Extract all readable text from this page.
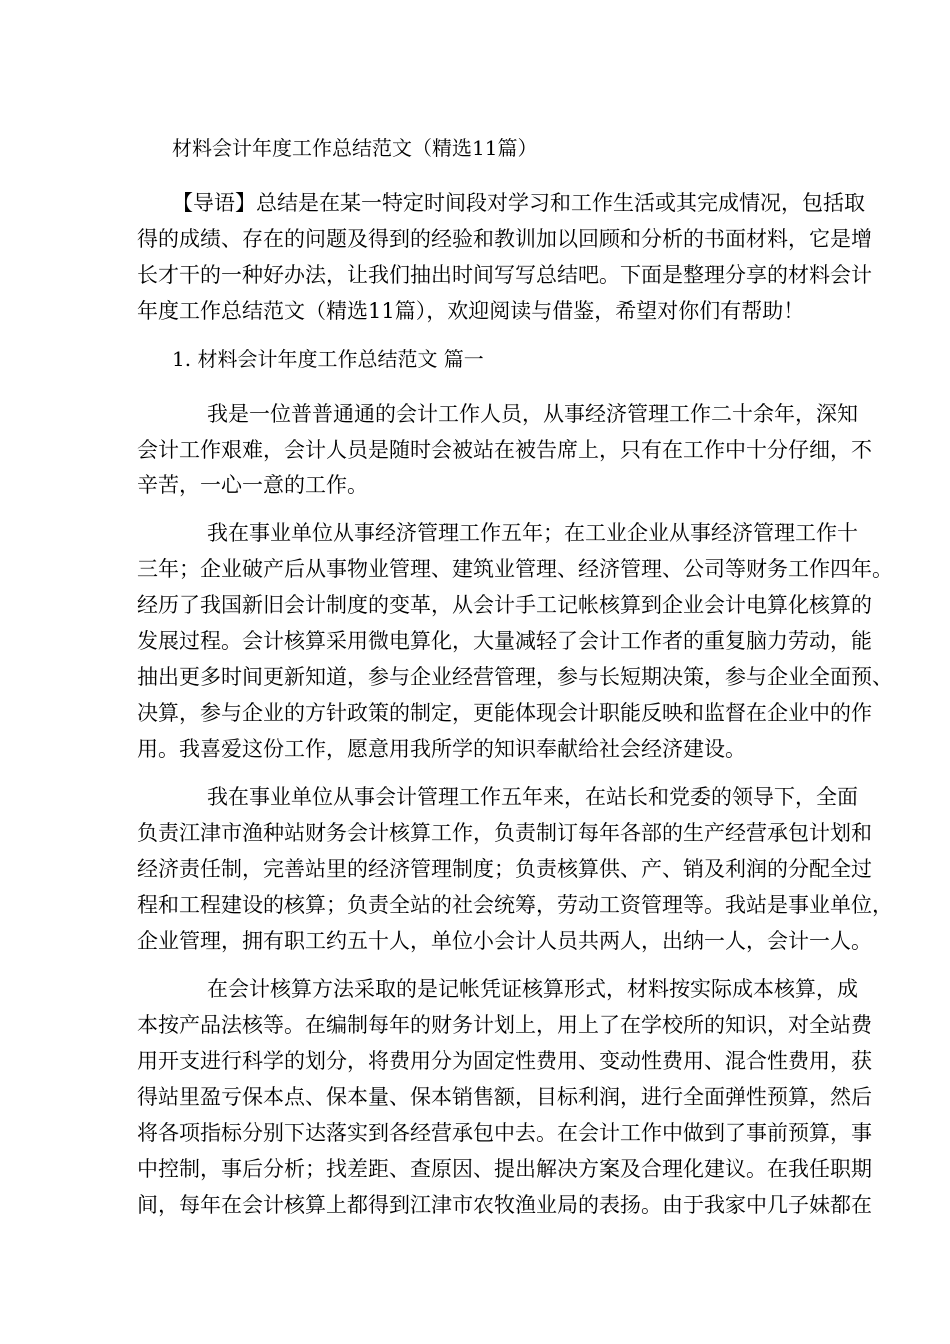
材料会计年度工作总结范文（精选11篇）
【导语】总结是在某一特定时间段对学习和工作生活或其完成情况，包括取
得的成绩、存在的问题及得到的经验和教训加以回顾和分析的书面材料，它是增
长才干的一种好办法，让我们抽出时间写写总结吧。下面是整理分享的材料会计
年度工作总结范文（精选11篇），欢迎阅读与借鉴，希望对你们有帮助！
1. 材料会计年度工作总结范文 篇一
我是一位普普通通的会计工作人员，从事经济管理工作二十余年，深知
会计工作艰难，会计人员是随时会被站在被告席上，只有在工作中十分仔细，不
辛苦，一心一意的工作。
我在事业单位从事经济管理工作五年；在工业企业从事经济管理工作十
三年；企业破产后从事物业管理、建筑业管理、经济管理、公司等财务工作四年。
经历了我国新旧会计制度的变革，从会计手工记帐核算到企业会计电算化核算的
发展过程。会计核算采用微电算化，大量减轻了会计工作者的重复脑力劳动，能
抽出更多时间更新知道，参与企业经营管理，参与长短期决策，参与企业全面预、
决算，参与企业的方针政策的制定，更能体现会计职能反映和监督在企业中的作
用。我喜爱这份工作，愿意用我所学的知识奉献给社会经济建设。
我在事业单位从事会计管理工作五年来，在站长和党委的领导下，全面
负责江津市渔种站财务会计核算工作，负责制订每年各部的生产经营承包计划和
经济责任制，完善站里的经济管理制度；负责核算供、产、销及利润的分配全过
程和工程建设的核算；负责全站的社会统筹，劳动工资管理等。我站是事业单位，
企业管理，拥有职工约五十人，单位小会计人员共两人，出纳一人，会计一人。
在会计核算方法采取的是记帐凭证核算形式，材料按实际成本核算，成
本按产品法核等。在编制每年的财务计划上，用上了在学校所的知识，对全站费
用开支进行科学的划分，将费用分为固定性费用、变动性费用、混合性费用，获
得站里盈亏保本点、保本量、保本销售额，目标利润，进行全面弹性预算，然后
将各项指标分别下达落实到各经营承包中去。在会计工作中做到了事前预算，事
中控制，事后分析；找差距、查原因、提出解决方案及合理化建议。在我任职期
间，每年在会计核算上都得到江津市农牧渔业局的表扬。由于我家中几子妹都在
